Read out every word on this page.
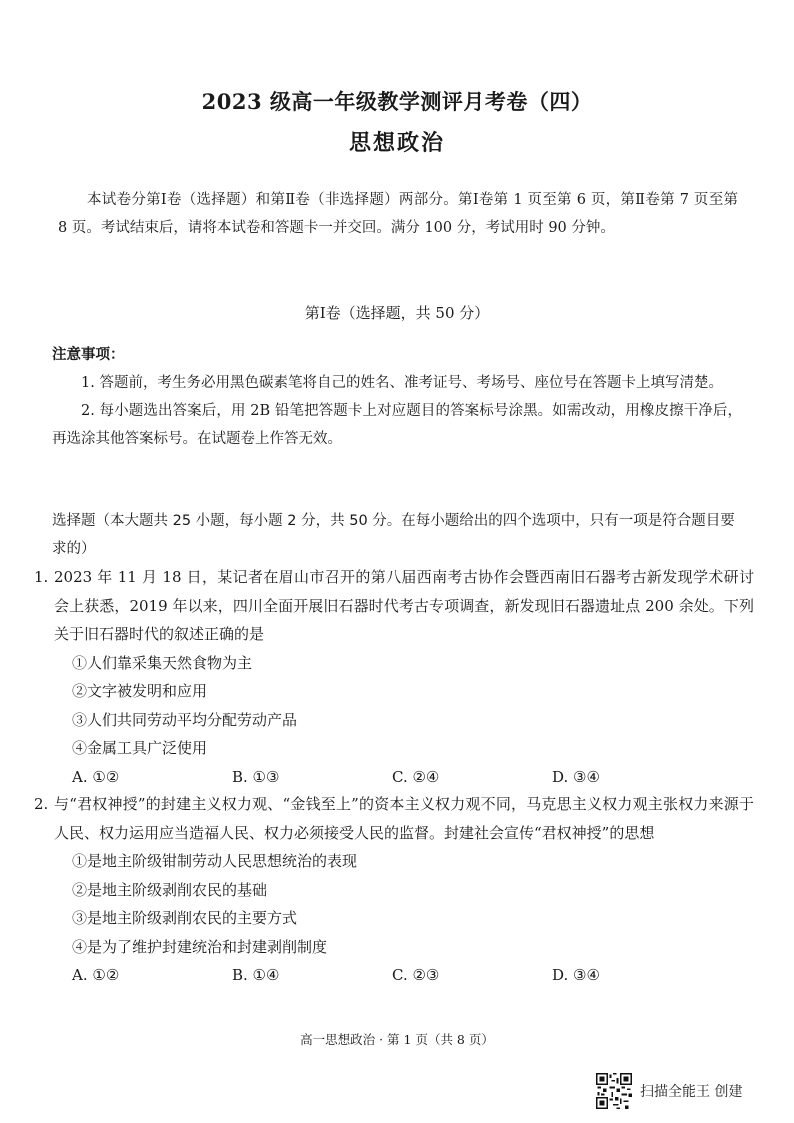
2023 级高一年级教学测评月考卷（四）
思想政治
本试卷分第Ⅰ卷（选择题）和第Ⅱ卷（非选择题）两部分。第Ⅰ卷第 1 页至第 6 页，第Ⅱ卷第 7 页至第 8 页。考试结束后，请将本试卷和答题卡一并交回。满分 100 分，考试用时 90 分钟。
第Ⅰ卷（选择题，共 50 分）
注意事项：
1. 答题前，考生务必用黑色碳素笔将自己的姓名、准考证号、考场号、座位号在答题卡上填写清楚。
2. 每小题选出答案后，用 2B 铅笔把答题卡上对应题目的答案标号涂黑。如需改动，用橡皮擦干净后，再选涂其他答案标号。在试题卷上作答无效。
选择题（本大题共 25 小题，每小题 2 分，共 50 分。在每小题给出的四个选项中，只有一项是符合题目要求的）
1. 2023 年 11 月 18 日，某记者在眉山市召开的第八届西南考古协作会暨西南旧石器考古新发现学术研讨会上获悉，2019 年以来，四川全面开展旧石器时代考古专项调查，新发现旧石器遗址点 200 余处。下列关于旧石器时代的叙述正确的是
①人们靠采集天然食物为主
②文字被发明和应用
③人们共同劳动平均分配劳动产品
④金属工具广泛使用
A. ①②	B. ①③	C. ②④	D. ③④
2. 与“君权神授”的封建主义权力观、“金钱至上”的资本主义权力观不同，马克思主义权力观主张权力来源于人民、权力运用应当造福人民、权力必须接受人民的监督。封建社会宣传“君权神授”的思想
①是地主阶级钳制劳动人民思想统治的表现
②是地主阶级剥削农民的基础
③是地主阶级剥削农民的主要方式
④是为了维护封建统治和封建剥削制度
A. ①②	B. ①④	C. ②③	D. ③④
高一思想政治 · 第 1 页（共 8 页）
扫描全能王 创建
